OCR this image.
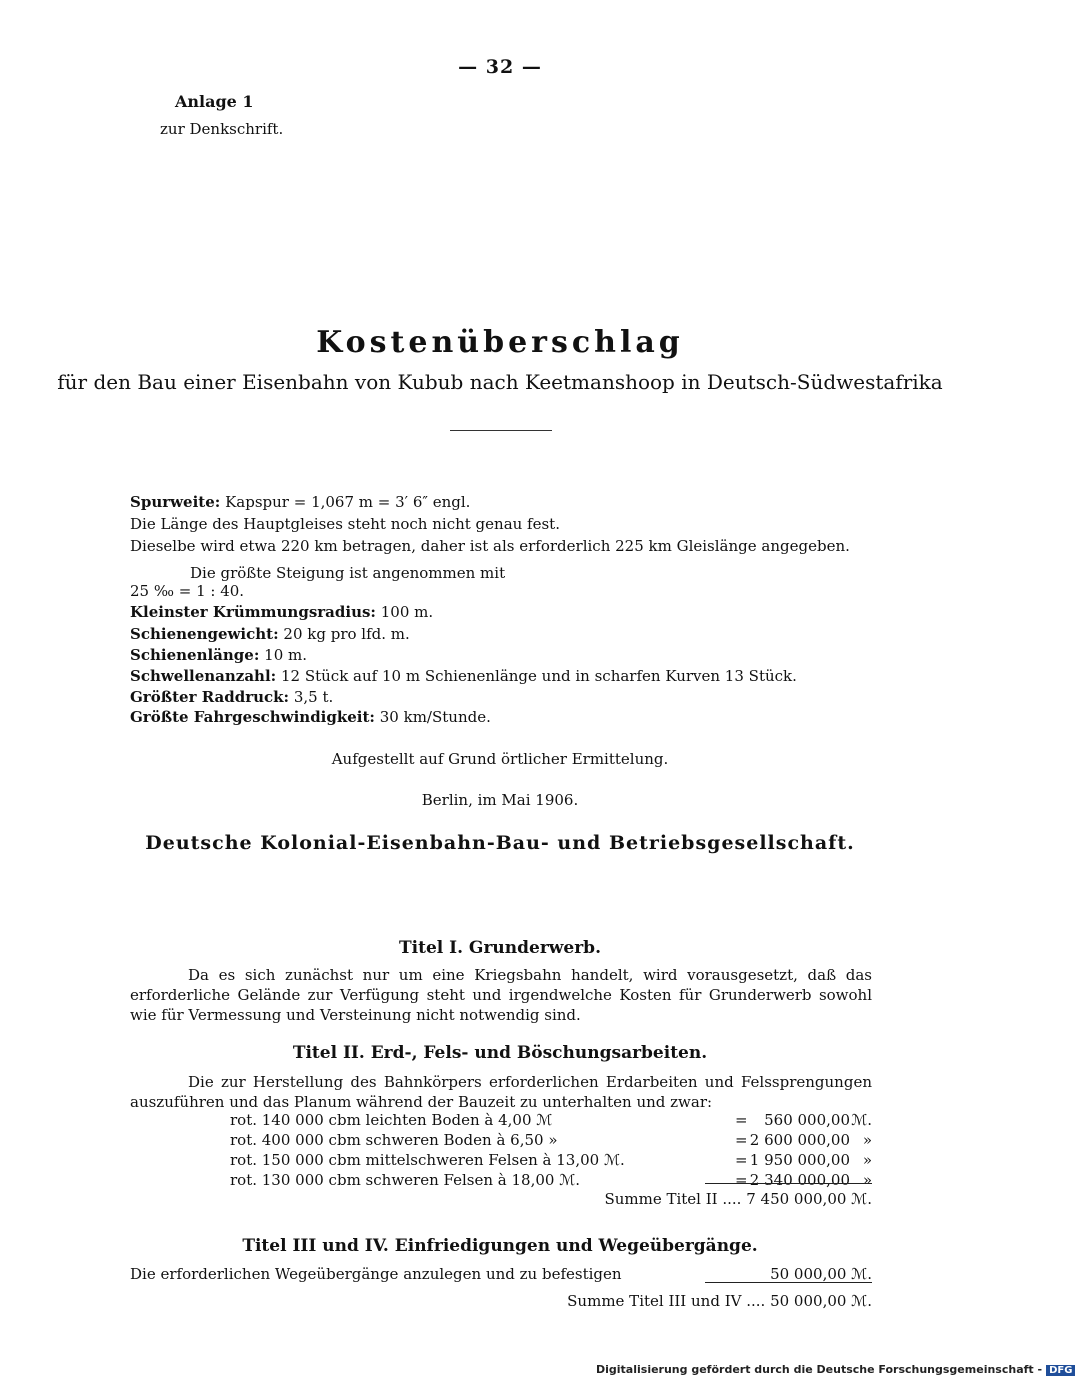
— 32 —
Anlage 1
zur Denkschrift.
Kostenüberschlag
für den Bau einer Eisenbahn von Kubub nach Keetmanshoop in Deutsch-Südwestafrika
Spurweite: Kapspur = 1,067 m = 3′ 6″ engl.
Die Länge des Hauptgleises steht noch nicht genau fest.
Dieselbe wird etwa 220 km betragen, daher ist als erforderlich 225 km Gleislänge angegeben.
Die größte Steigung ist angenommen mit
25 ‰ = 1 : 40.
Kleinster Krümmungsradius: 100 m.
Schienengewicht: 20 kg pro lfd. m.
Schienenlänge: 10 m.
Schwellenanzahl: 12 Stück auf 10 m Schienenlänge und in scharfen Kurven 13 Stück.
Größter Raddruck: 3,5 t.
Größte Fahrgeschwindigkeit: 30 km/Stunde.
Aufgestellt auf Grund örtlicher Ermittelung.
Berlin, im Mai 1906.
Deutsche Kolonial-Eisenbahn-Bau- und Betriebsgesellschaft.
Titel I. Grunderwerb.
Da es sich zunächst nur um eine Kriegsbahn handelt, wird vorausgesetzt, daß das erforderliche Gelände zur Verfügung steht und irgendwelche Kosten für Grunderwerb sowohl wie für Vermessung und Versteinung nicht notwendig sind.
Titel II. Erd-, Fels- und Böschungsarbeiten.
Die zur Herstellung des Bahnkörpers erforderlichen Erdarbeiten und Felssprengungen auszuführen und das Planum während der Bauzeit zu unterhalten und zwar:
rot. 140 000 cbm leichten Boden à 4,00 ℳ	= 560 000,00 ℳ.
rot. 400 000 cbm schweren Boden à 6,50 »	= 2 600 000,00 »
rot. 150 000 cbm mittelschweren Felsen à 13,00 ℳ.	= 1 950 000,00 »
rot. 130 000 cbm schweren Felsen à 18,00 ℳ.	= 2 340 000,00 »
Summe Titel II .... 7 450 000,00 ℳ.
Titel III und IV. Einfriedigungen und Wegeübergänge.
Die erforderlichen Wegeübergänge anzulegen und zu befestigen	50 000,00 ℳ.
Summe Titel III und IV .... 50 000,00 ℳ.
Digitalisierung gefördert durch die Deutsche Forschungsgemeinschaft - DFG
